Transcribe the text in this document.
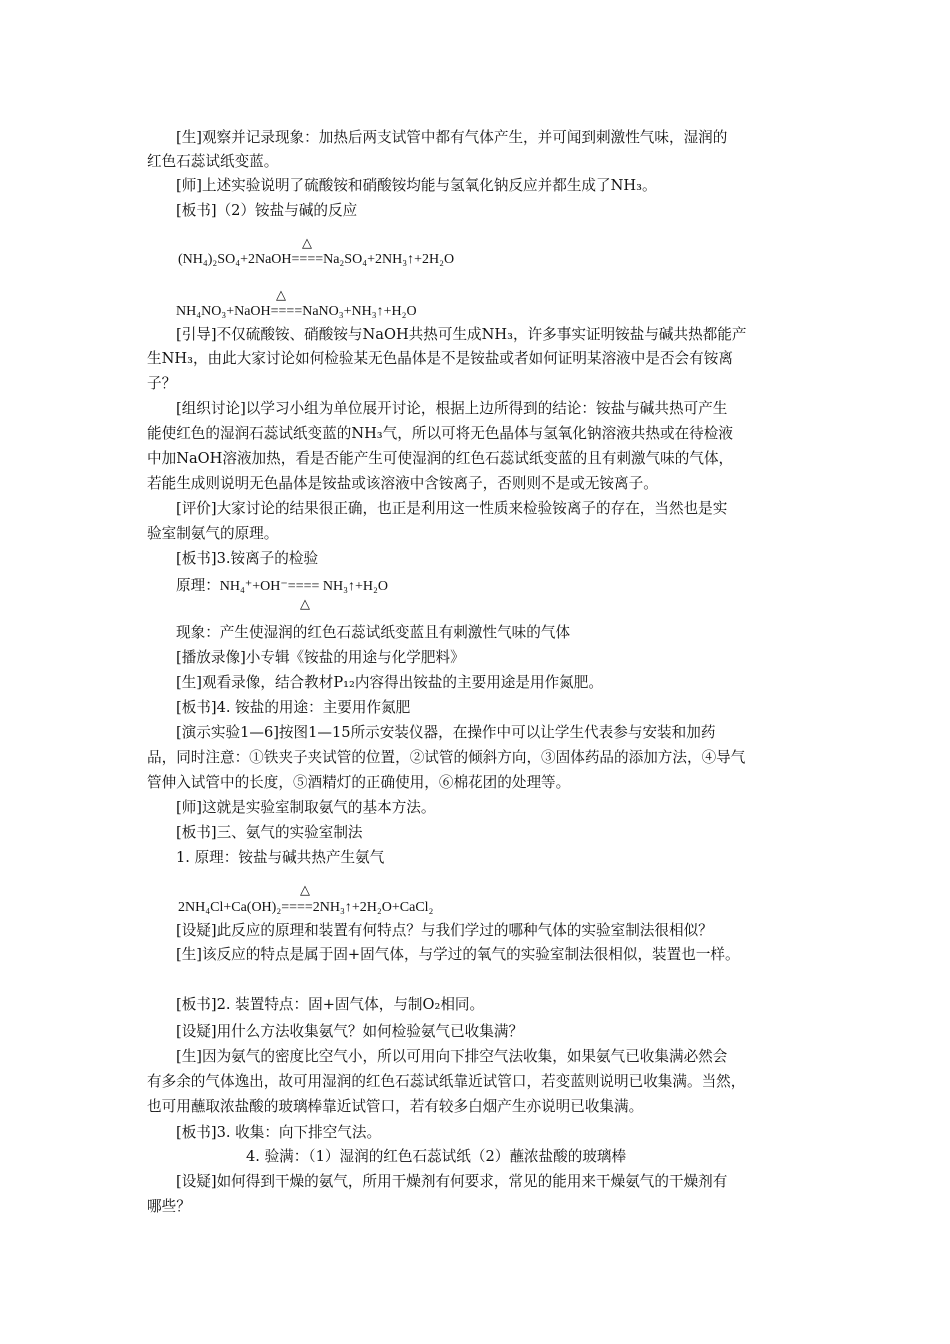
[生]观察并记录现象：加热后两支试管中都有气体产生，并可闻到刺激性气味，湿润的
红色石蕊试纸变蓝。
[师]上述实验说明了硫酸铵和硝酸铵均能与氢氧化钠反应并都生成了NH₃。
[板书]（2）铵盐与碱的反应
△
(NH₄)₂SO₄+2NaOH====Na₂SO₄+2NH₃↑+2H₂O
△
NH₄NO₃+NaOH====NaNO₃+NH₃↑+H₂O
[引导]不仅硫酸铵、硝酸铵与NaOH共热可生成NH₃，许多事实证明铵盐与碱共热都能产
生NH₃，由此大家讨论如何检验某无色晶体是不是铵盐或者如何证明某溶液中是否会有铵离
子？
[组织讨论]以学习小组为单位展开讨论，根据上边所得到的结论：铵盐与碱共热可产生
能使红色的湿润石蕊试纸变蓝的NH₃气，所以可将无色晶体与氢氧化钠溶液共热或在待检液
中加NaOH溶液加热，看是否能产生可使湿润的红色石蕊试纸变蓝的且有刺激气味的气体，
若能生成则说明无色晶体是铵盐或该溶液中含铵离子，否则则不是或无铵离子。
[评价]大家讨论的结果很正确，也正是利用这一性质来检验铵离子的存在，当然也是实
验室制氨气的原理。
[板书]3.铵离子的检验
原理：NH₄⁺+OH⁻==== NH₃↑+H₂O
△
现象：产生使湿润的红色石蕊试纸变蓝且有刺激性气味的气体
[播放录像]小专辑《铵盐的用途与化学肥料》
[生]观看录像，结合教材P₁₂内容得出铵盐的主要用途是用作氮肥。
[板书]4. 铵盐的用途：主要用作氮肥
[演示实验1—6]按图1—15所示安装仪器，在操作中可以让学生代表参与安装和加药
品，同时注意：①铁夹子夹试管的位置，②试管的倾斜方向，③固体药品的添加方法，④导气
管伸入试管中的长度，⑤酒精灯的正确使用，⑥棉花团的处理等。
[师]这就是实验室制取氨气的基本方法。
[板书]三、氨气的实验室制法
1. 原理：铵盐与碱共热产生氨气
△
2NH₄Cl+Ca(OH)₂====2NH₃↑+2H₂O+CaCl₂
[设疑]此反应的原理和装置有何特点？与我们学过的哪种气体的实验室制法很相似？
[生]该反应的特点是属于固+固气体，与学过的氧气的实验室制法很相似，装置也一样。
[板书]2. 装置特点：固+固气体，与制O₂相同。
[设疑]用什么方法收集氨气？如何检验氨气已收集满？
[生]因为氨气的密度比空气小，所以可用向下排空气法收集，如果氨气已收集满必然会
有多余的气体逸出，故可用湿润的红色石蕊试纸靠近试管口，若变蓝则说明已收集满。当然，
也可用蘸取浓盐酸的玻璃棒靠近试管口，若有较多白烟产生亦说明已收集满。
[板书]3. 收集：向下排空气法。
4. 验满：（1）湿润的红色石蕊试纸（2）蘸浓盐酸的玻璃棒
[设疑]如何得到干燥的氨气，所用干燥剂有何要求，常见的能用来干燥氨气的干燥剂有
哪些？
